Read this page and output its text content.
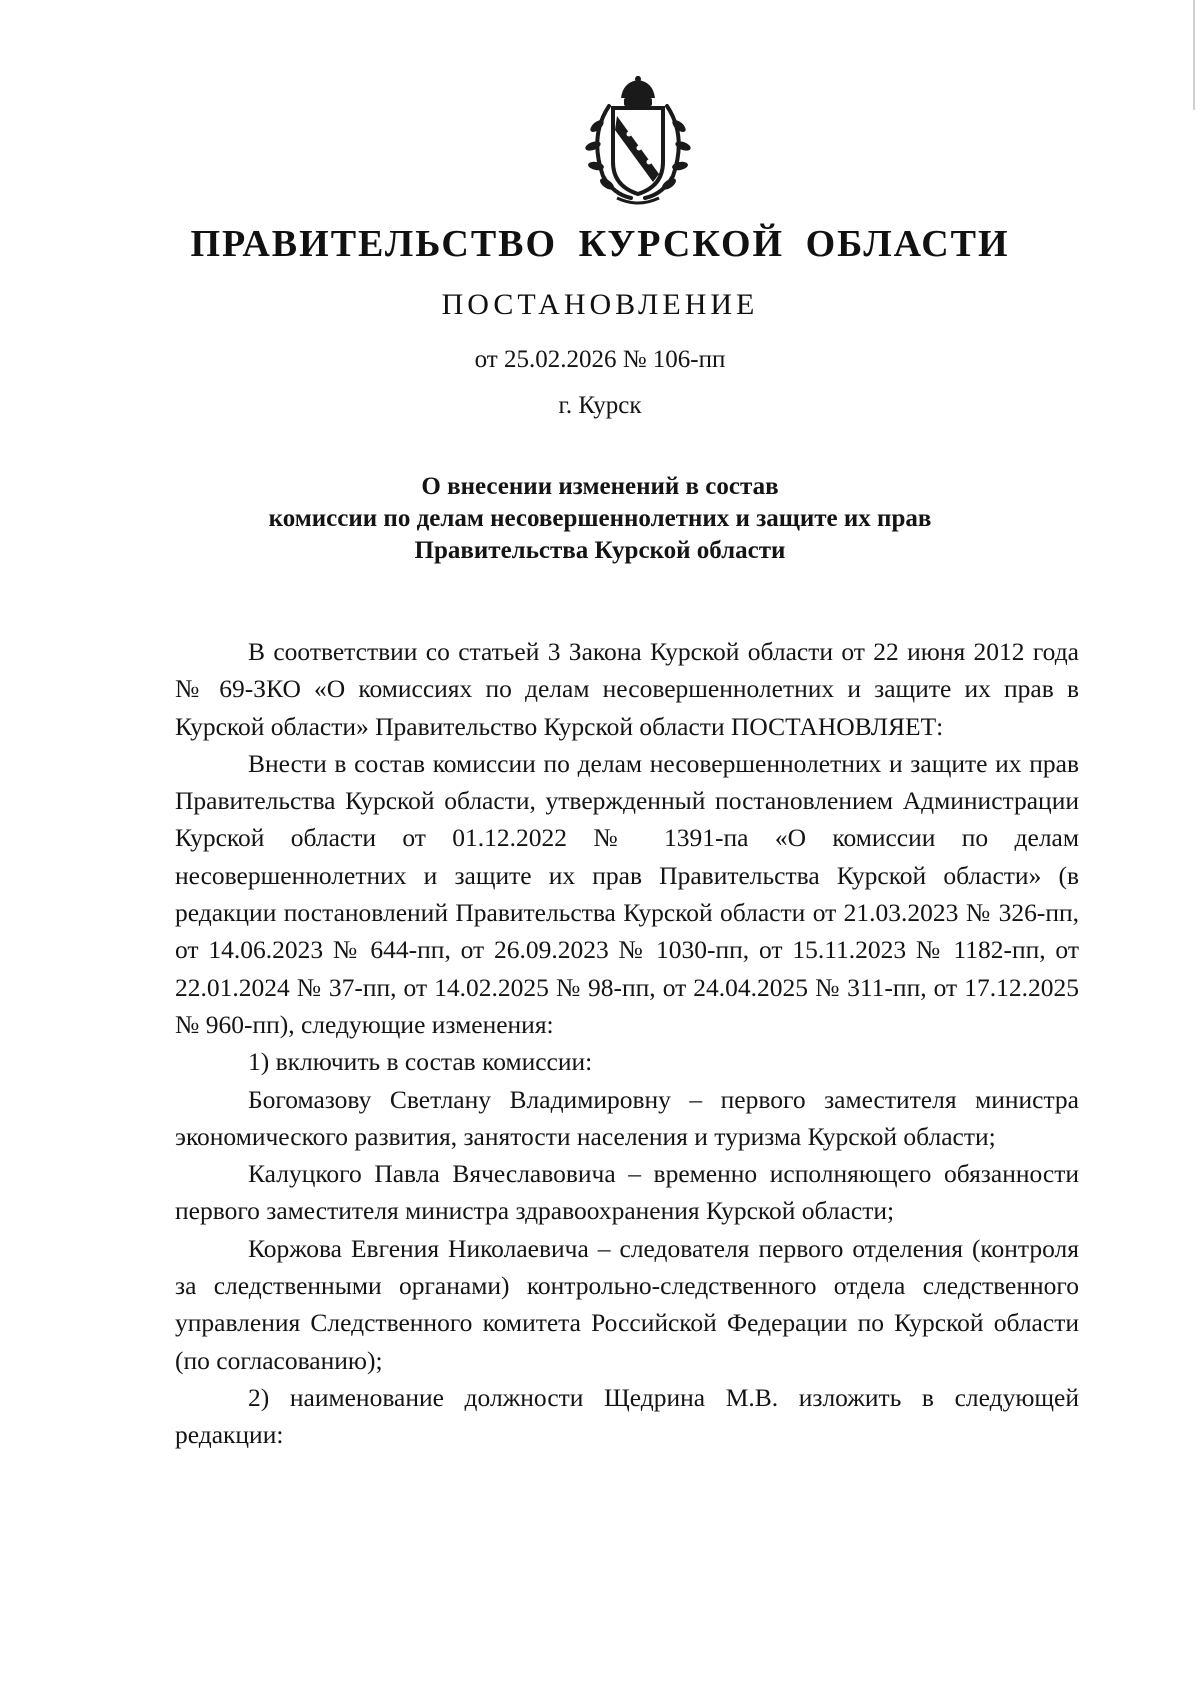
ПРАВИТЕЛЬСТВО КУРСКОЙ ОБЛАСТИ
ПОСТАНОВЛЕНИЕ
от 25.02.2026 № 106-пп
г. Курск
О внесении изменений в состав
комиссии по делам несовершеннолетних и защите их прав
Правительства Курской области

В соответствии со статьей 3 Закона Курской области от 22 июня 2012 года № 69-ЗКО «О комиссиях по делам несовершеннолетних и защите их прав в Курской области» Правительство Курской области ПОСТАНОВЛЯЕТ:

Внести в состав комиссии по делам несовершеннолетних и защите их прав Правительства Курской области, утвержденный постановлением Администрации Курской области от 01.12.2022 № 1391-па «О комиссии по делам несовершеннолетних и защите их прав Правительства Курской области» (в редакции постановлений Правительства Курской области от 21.03.2023 № 326-пп, от 14.06.2023 № 644-пп, от 26.09.2023 № 1030-пп, от 15.11.2023 № 1182-пп, от 22.01.2024 № 37-пп, от 14.02.2025 № 98-пп, от 24.04.2025 № 311-пп, от 17.12.2025 № 960-пп), следующие изменения:

1) включить в состав комиссии:

Богомазову Светлану Владимировну – первого заместителя министра экономического развития, занятости населения и туризма Курской области;

Калуцкого Павла Вячеславовича – временно исполняющего обязанности первого заместителя министра здравоохранения Курской области;

Коржова Евгения Николаевича – следователя первого отделения (контроля за следственными органами) контрольно-следственного отдела следственного управления Следственного комитета Российской Федерации по Курской области (по согласованию);

2) наименование должности Щедрина М.В. изложить в следующей редакции:
